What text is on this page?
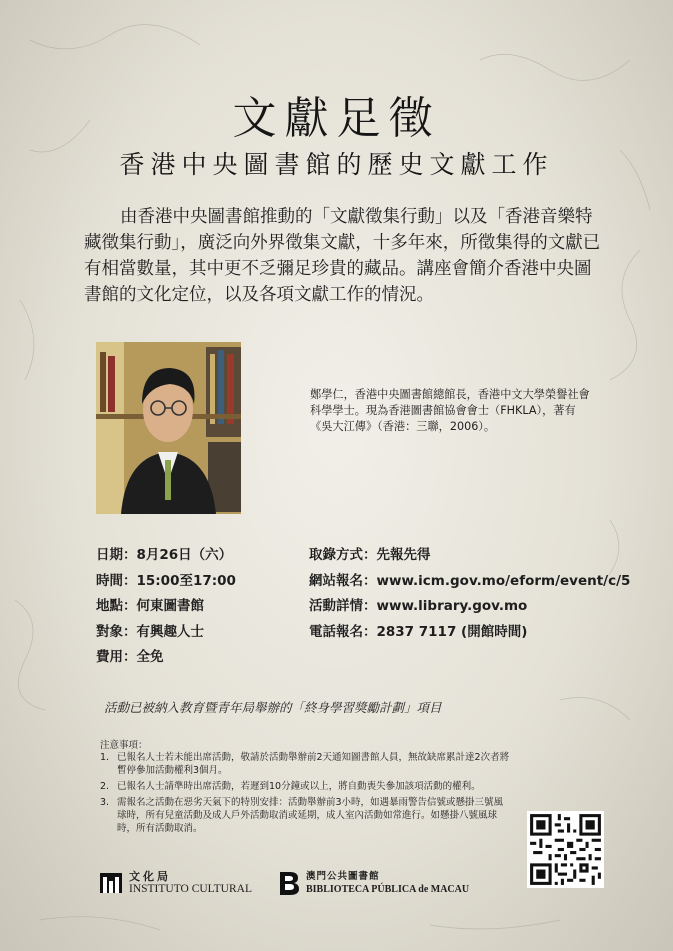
文獻足徵
香港中央圖書館的歷史文獻工作
由香港中央圖書館推動的「文獻徵集行動」以及「香港音樂特藏徵集行動」，廣泛向外界徵集文獻，十多年來，所徵集得的文獻已有相當數量，其中更不乏彌足珍貴的藏品。講座會簡介香港中央圖書館的文化定位，以及各項文獻工作的情況。
鄭學仁，香港中央圖書館總館長，香港中文大學榮譽社會科學學士。現為香港圖書館協會會士（FHKLA），著有《吳大江傳》（香港：三聯，2006）。
日期：8月26日（六）
時間：15:00至17:00
地點：何東圖書館
對象：有興趣人士
費用：全免
取錄方式：先報先得
網站報名：www.icm.gov.mo/eform/event/c/5
活動詳情：www.library.gov.mo
電話報名：2837 7117 (開館時間)
活動已被納入教育暨青年局舉辦的「終身學習獎勵計劃」項目
注意事項：
1. 已報名人士若未能出席活動，敬請於活動舉辦前2天通知圖書館人員，無故缺席累計達2次者將暫停參加活動權利3個月。
2. 已報名人士請準時出席活動，若遲到10分鐘或以上，將自動喪失參加該項活動的權利。
3. 需報名之活動在惡劣天氣下的特別安排：活動舉辦前3小時，如遇暴雨警告信號或懸掛三號風球時，所有兒童活動及成人戶外活動取消或延期，成人室內活動如常進行。如懸掛八號風球時，所有活動取消。
文化局
INSTITUTO CULTURAL
澳門公共圖書館
BIBLIOTECA PÚBLICA de MACAU
